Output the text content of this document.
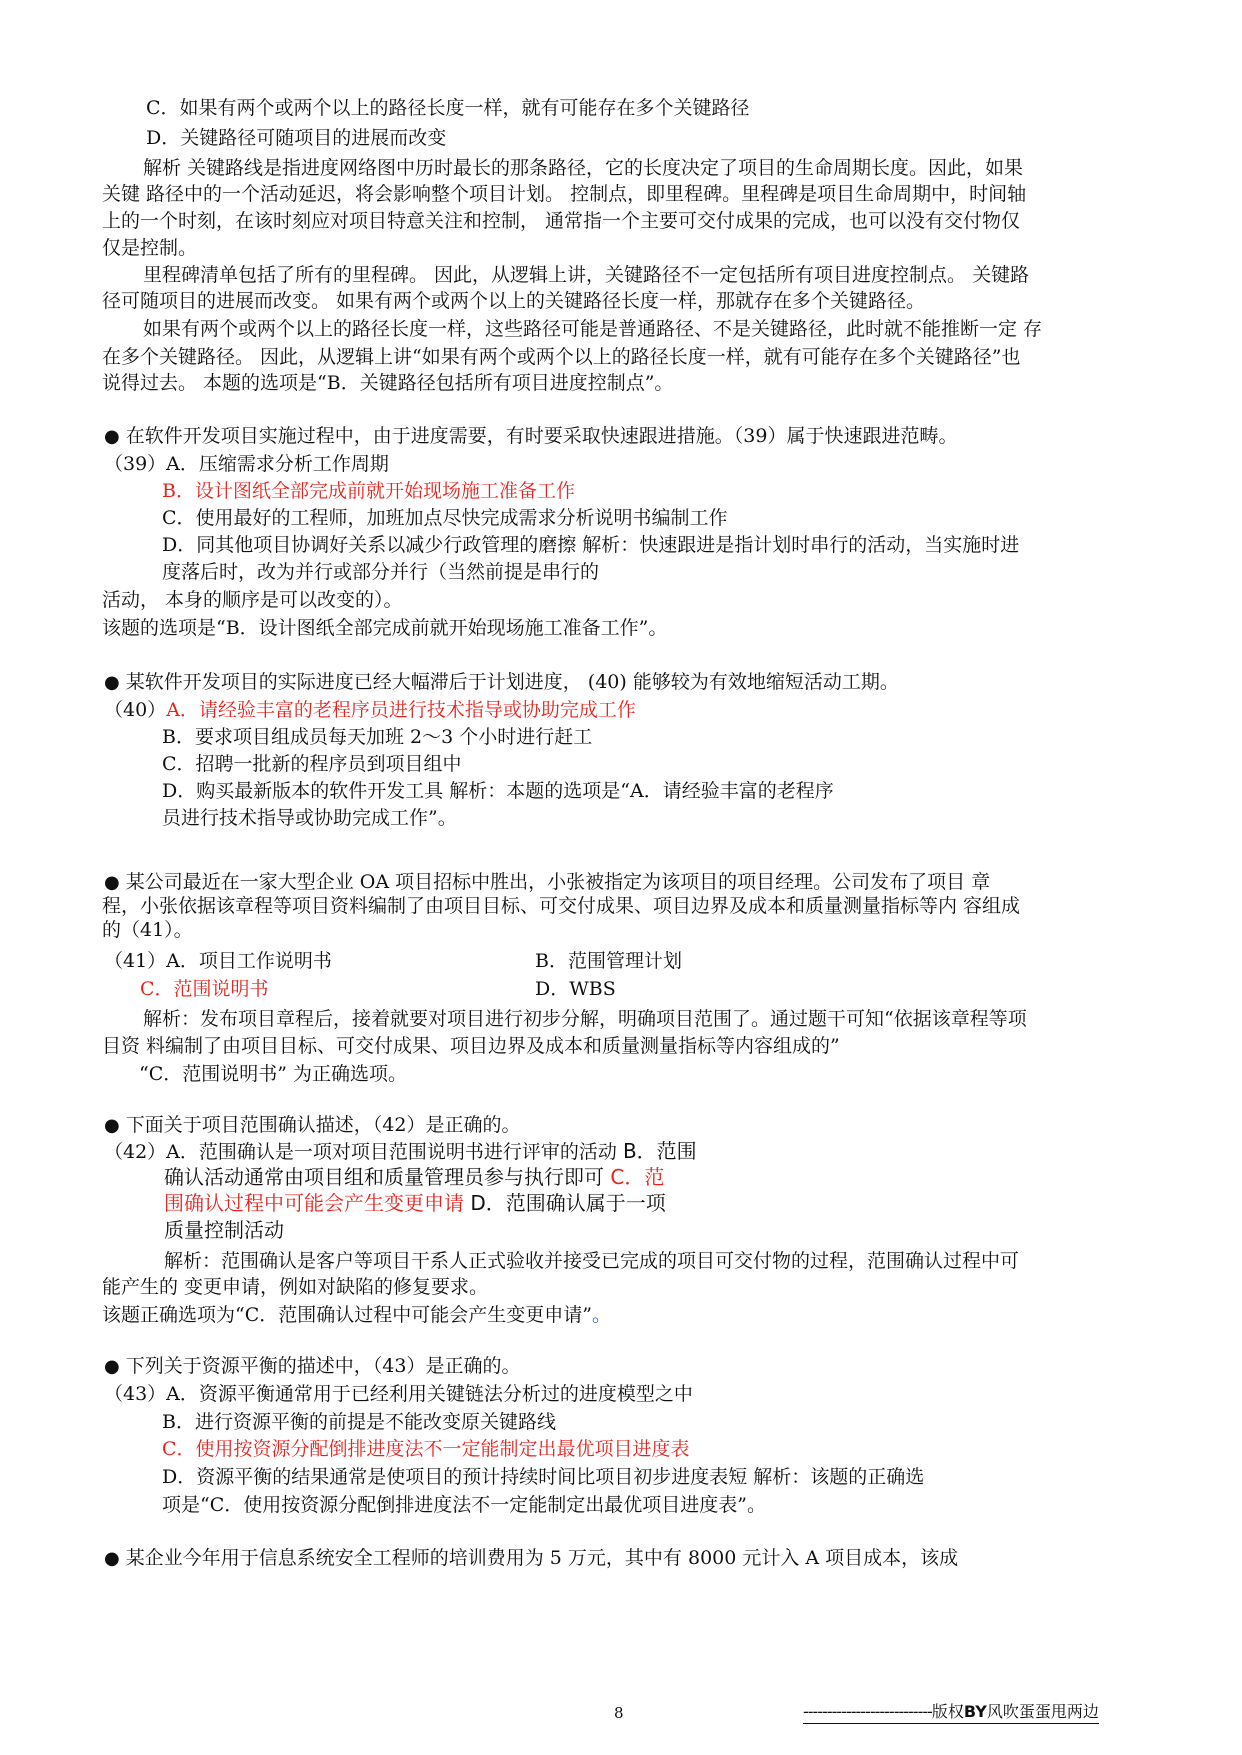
C．如果有两个或两个以上的路径长度一样，就有可能存在多个关键路径
D．关键路径可随项目的进展而改变
解析 关键路线是指进度网络图中历时最长的那条路径，它的长度决定了项目的生命周期长度。因此，如果
关键 路径中的一个活动延迟，将会影响整个项目计划。 控制点，即里程碑。里程碑是项目生命周期中，时间轴
上的一个时刻，在该时刻应对项目特意关注和控制， 通常指一个主要可交付成果的完成，也可以没有交付物仅
仅是控制。
里程碑清单包括了所有的里程碑。 因此，从逻辑上讲，关键路径不一定包括所有项目进度控制点。 关键路
径可随项目的进展而改变。 如果有两个或两个以上的关键路径长度一样，那就存在多个关键路径。
如果有两个或两个以上的路径长度一样，这些路径可能是普通路径、不是关键路径，此时就不能推断一定 存
在多个关键路径。 因此，从逻辑上讲“如果有两个或两个以上的路径长度一样，就有可能存在多个关键路径”也
说得过去。 本题的选项是“B．关键路径包括所有项目进度控制点”。
● 在软件开发项目实施过程中，由于进度需要，有时要采取快速跟进措施。（39）属于快速跟进范畴。
（39）A．压缩需求分析工作周期
B．设计图纸全部完成前就开始现场施工准备工作
C．使用最好的工程师，加班加点尽快完成需求分析说明书编制工作
D．同其他项目协调好关系以减少行政管理的磨擦 解析：快速跟进是指计划时串行的活动，当实施时进
度落后时，改为并行或部分并行（当然前提是串行的
活动， 本身的顺序是可以改变的）。
该题的选项是“B．设计图纸全部完成前就开始现场施工准备工作”。
● 某软件开发项目的实际进度已经大幅滞后于计划进度， (40) 能够较为有效地缩短活动工期。
（40）A．请经验丰富的老程序员进行技术指导或协助完成工作
B．要求项目组成员每天加班 2～3 个小时进行赶工
C．招聘一批新的程序员到项目组中
D．购买最新版本的软件开发工具 解析：本题的选项是“A．请经验丰富的老程序
员进行技术指导或协助完成工作”。
● 某公司最近在一家大型企业 OA 项目招标中胜出，小张被指定为该项目的项目经理。公司发布了项目 章
程，小张依据该章程等项目资料编制了由项目目标、可交付成果、项目边界及成本和质量测量指标等内 容组成
的（41）。
（41）A．项目工作说明书	B．范围管理计划
C．范围说明书	D．WBS
解析：发布项目章程后，接着就要对项目进行初步分解，明确项目范围了。通过题干可知“依据该章程等项
目资 料编制了由项目目标、可交付成果、项目边界及成本和质量测量指标等内容组成的”
“C．范围说明书” 为正确选项。
● 下面关于项目范围确认描述，（42）是正确的。
（42）A．范围确认是一项对项目范围说明书进行评审的活动 B．范围
确认活动通常由项目组和质量管理员参与执行即可 C．范
围确认过程中可能会产生变更申请 D．范围确认属于一项
质量控制活动
解析：范围确认是客户等项目干系人正式验收并接受已完成的项目可交付物的过程，范围确认过程中可
能产生的 变更申请，例如对缺陷的修复要求。
该题正确选项为“C．范围确认过程中可能会产生变更申请”。
● 下列关于资源平衡的描述中，（43）是正确的。
（43）A．资源平衡通常用于已经利用关键链法分析过的进度模型之中
B．进行资源平衡的前提是不能改变原关键路线
C．使用按资源分配倒排进度法不一定能制定出最优项目进度表
D．资源平衡的结果通常是使项目的预计持续时间比项目初步进度表短 解析：该题的正确选
项是“C．使用按资源分配倒排进度法不一定能制定出最优项目进度表”。
● 某企业今年用于信息系统安全工程师的培训费用为 5 万元，其中有 8000 元计入 A 项目成本，该成
8	---------------------------版权BY风吹蛋蛋甩两边
